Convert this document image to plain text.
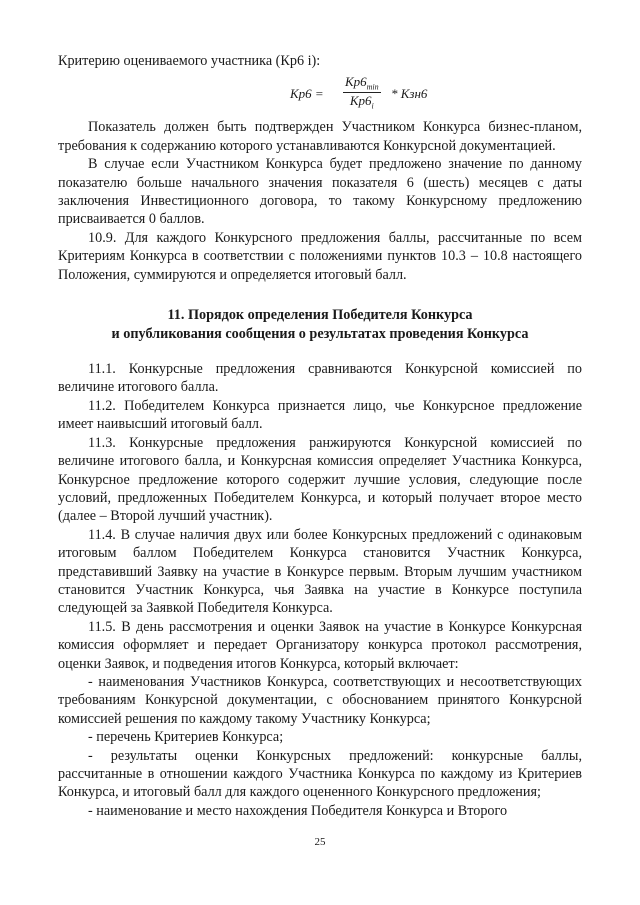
Критерию оцениваемого участника (Кр6 i):

Кр6 =
$Кр6_{min}$
$Кр6_i$
* Кзн6

Показатель должен быть подтвержден Участником Конкурса бизнес-планом, требования к содержанию которого устанавливаются Конкурсной документацией.

В случае если Участником Конкурса будет предложено значение по данному показателю больше начального значения показателя 6 (шесть) месяцев с даты заключения Инвестиционного договора, то такому Конкурсному предложению присваивается 0 баллов.

10.9. Для каждого Конкурсного предложения баллы, рассчитанные по всем Критериям Конкурса в соответствии с положениями пунктов 10.3 – 10.8 настоящего Положения, суммируются и определяется итоговый балл.

11. Порядок определения Победителя Конкурса

и опубликования сообщения о результатах проведения Конкурса

11.1. Конкурсные предложения сравниваются Конкурсной комиссией по величине итогового балла.

11.2. Победителем Конкурса признается лицо, чье Конкурсное предложение имеет наивысший итоговый балл.

11.3. Конкурсные предложения ранжируются Конкурсной комиссией по величине итогового балла, и Конкурсная комиссия определяет Участника Конкурса, Конкурсное предложение которого содержит лучшие условия, следующие после условий, предложенных Победителем Конкурса, и который получает второе место (далее – Второй лучший участник).

11.4. В случае наличия двух или более Конкурсных предложений с одинаковым итоговым баллом Победителем Конкурса становится Участник Конкурса, представивший Заявку на участие в Конкурсе первым. Вторым лучшим участником становится Участник Конкурса, чья Заявка на участие в Конкурсе поступила следующей за Заявкой Победителя Конкурса.

11.5. В день рассмотрения и оценки Заявок на участие в Конкурсе Конкурсная комиссия оформляет и передает Организатору конкурса протокол рассмотрения, оценки Заявок, и подведения итогов Конкурса, который включает:

- наименования Участников Конкурса, соответствующих и несоответствующих требованиям Конкурсной документации, с обоснованием принятого Конкурсной комиссией решения по каждому такому Участнику Конкурса;

- перечень Критериев Конкурса;

- результаты оценки Конкурсных предложений: конкурсные баллы, рассчитанные в отношении каждого Участника Конкурса по каждому из Критериев Конкурса, и итоговый балл для каждого оцененного Конкурсного предложения;

- наименование и место нахождения Победителя Конкурса и Второго

25
